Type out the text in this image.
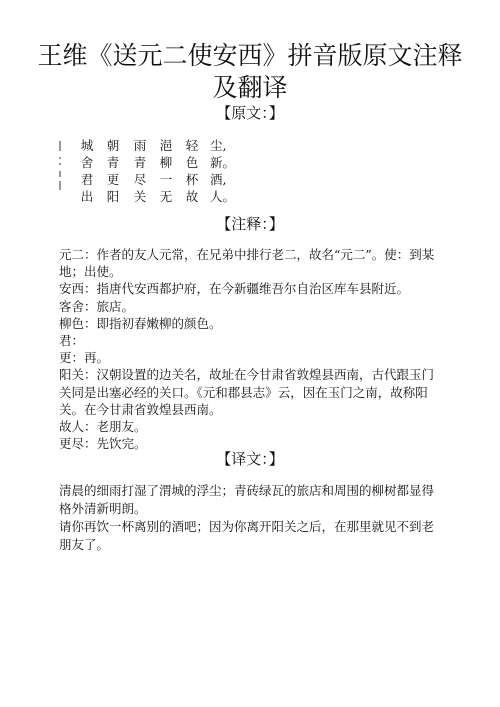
王维《送元二使安西》拼音版原文注释
及翻译
【原文：】
城
舍
君
出
朝
青
更
阳
雨
青
尽
关
浥
柳
一
无
轻
色
杯
故
尘,
新。
酒,
人。
【注释：】

元二：作者的友人元常，在兄弟中排行老二，故名“元二”。使：到某地；出使。

安西：指唐代安西都护府，在今新疆维吾尔自治区库车县附近。

客舍：旅店。

柳色：即指初春嫩柳的颜色。

君：

更：再。

阳关：汉朝设置的边关名，故址在今甘肃省敦煌县西南，古代跟玉门关同是出塞必经的关口。《元和郡县志》云，因在玉门之南，故称阳关。在今甘肃省敦煌县西南。

故人：老朋友。

更尽：先饮完。

【译文：】

清晨的细雨打湿了渭城的浮尘；青砖绿瓦的旅店和周围的柳树都显得格外清新明朗。

请你再饮一杯离别的酒吧；因为你离开阳关之后，在那里就见不到老朋友了。
